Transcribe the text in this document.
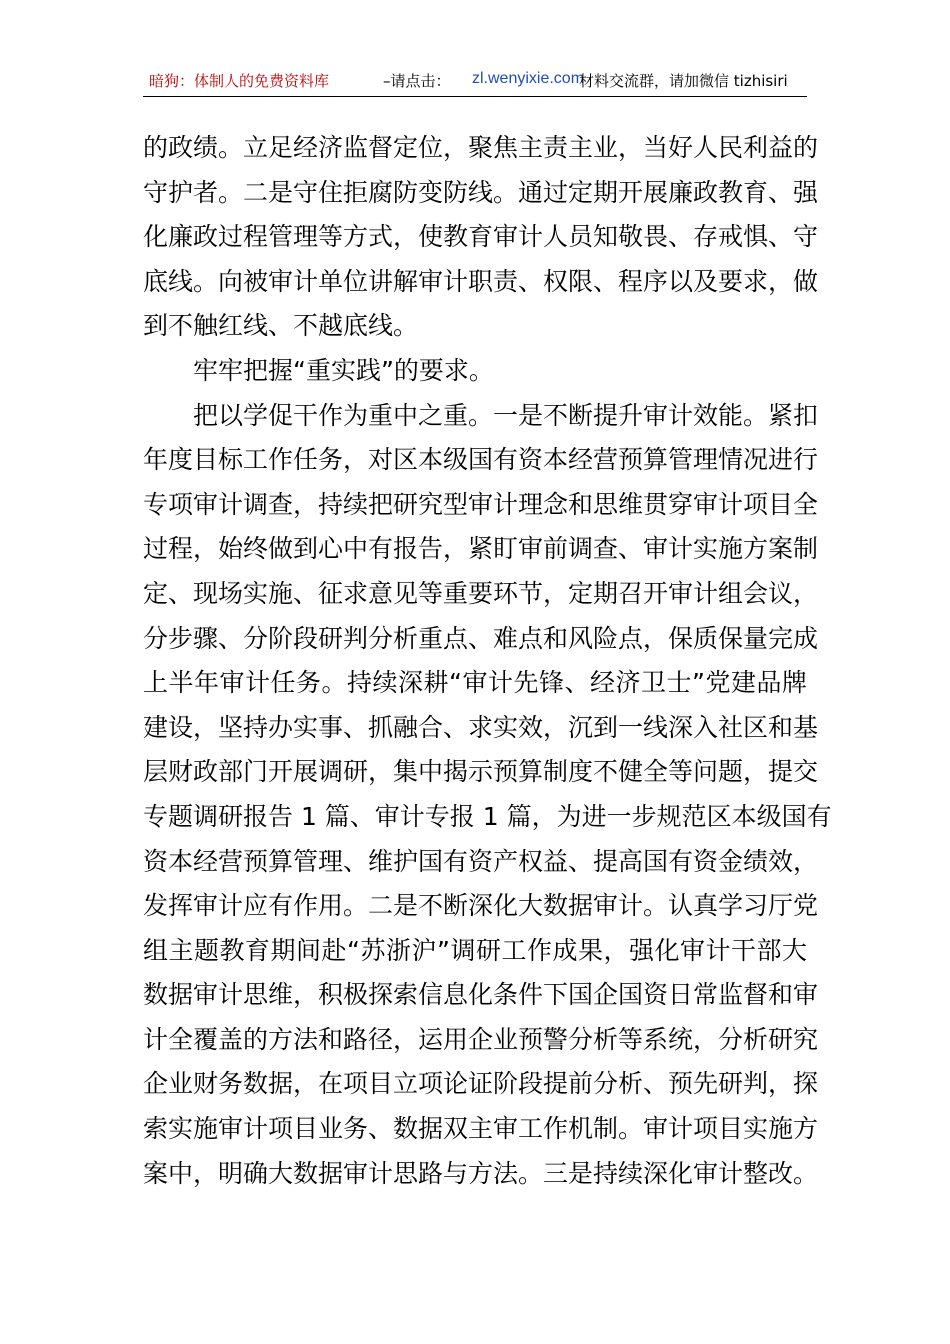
暗狗：体制人的免费资料库	–请点击： zl.wenyixie.com
材料交流群，请加微信 tizhisiri
的政绩。立足经济监督定位，聚焦主责主业，当好人民利益的
守护者。二是守住拒腐防变防线。通过定期开展廉政教育、强
化廉政过程管理等方式，使教育审计人员知敬畏、存戒惧、守
底线。向被审计单位讲解审计职责、权限、程序以及要求，做
到不触红线、不越底线。
牢牢把握“重实践”的要求。
把以学促干作为重中之重。一是不断提升审计效能。紧扣
年度目标工作任务，对区本级国有资本经营预算管理情况进行
专项审计调查，持续把研究型审计理念和思维贯穿审计项目全
过程，始终做到心中有报告，紧盯审前调查、审计实施方案制
定、现场实施、征求意见等重要环节，定期召开审计组会议，
分步骤、分阶段研判分析重点、难点和风险点，保质保量完成
上半年审计任务。持续深耕“审计先锋、经济卫士”党建品牌
建设，坚持办实事、抓融合、求实效，沉到一线深入社区和基
层财政部门开展调研，集中揭示预算制度不健全等问题，提交
专题调研报告 1 篇、审计专报 1 篇，为进一步规范区本级国有
资本经营预算管理、维护国有资产权益、提高国有资金绩效，
发挥审计应有作用。二是不断深化大数据审计。认真学习厅党
组主题教育期间赴“苏浙沪”调研工作成果，强化审计干部大
数据审计思维，积极探索信息化条件下国企国资日常监督和审
计全覆盖的方法和路径，运用企业预警分析等系统，分析研究
企业财务数据，在项目立项论证阶段提前分析、预先研判，探
索实施审计项目业务、数据双主审工作机制。审计项目实施方
案中，明确大数据审计思路与方法。三是持续深化审计整改。
